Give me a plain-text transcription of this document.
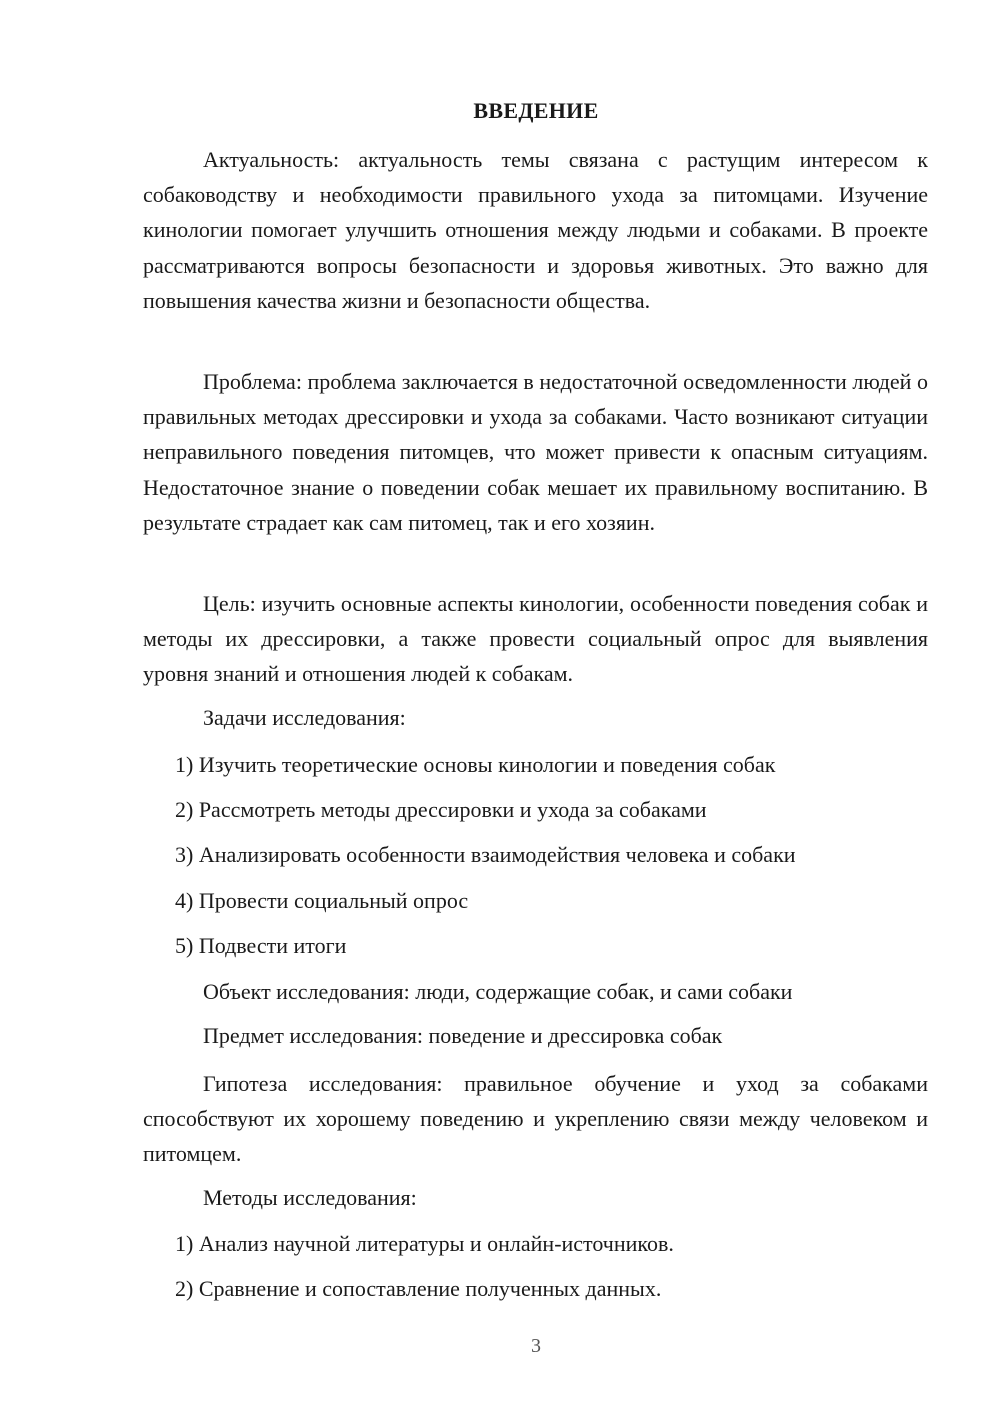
ВВЕДЕНИЕ

Актуальность: актуальность темы связана с растущим интересом к собаководству и необходимости правильного ухода за питомцами. Изучение кинологии помогает улучшить отношения между людьми и собаками. В проекте рассматриваются вопросы безопасности и здоровья животных. Это важно для повышения качества жизни и безопасности общества.

Проблема: проблема заключается в недостаточной осведомленности людей о правильных методах дрессировки и ухода за собаками. Часто возникают ситуации неправильного поведения питомцев, что может привести к опасным ситуациям. Недостаточное знание о поведении собак мешает их правильному воспитанию. В результате страдает как сам питомец, так и его хозяин.

Цель: изучить основные аспекты кинологии, особенности поведения собак и методы их дрессировки, а также провести социальный опрос для выявления уровня знаний и отношения людей к собакам.

Задачи исследования:

1) Изучить теоретические основы кинологии и поведения собак

2) Рассмотреть методы дрессировки и ухода за собаками

3) Анализировать особенности взаимодействия человека и собаки

4) Провести социальный опрос

5) Подвести итоги

Объект исследования: люди, содержащие собак, и сами собаки

Предмет исследования: поведение и дрессировка собак

Гипотеза исследования: правильное обучение и уход за собаками способствуют их хорошему поведению и укреплению связи между человеком и питомцем.

Методы исследования:

1) Анализ научной литературы и онлайн-источников.

2) Сравнение и сопоставление полученных данных.

3
